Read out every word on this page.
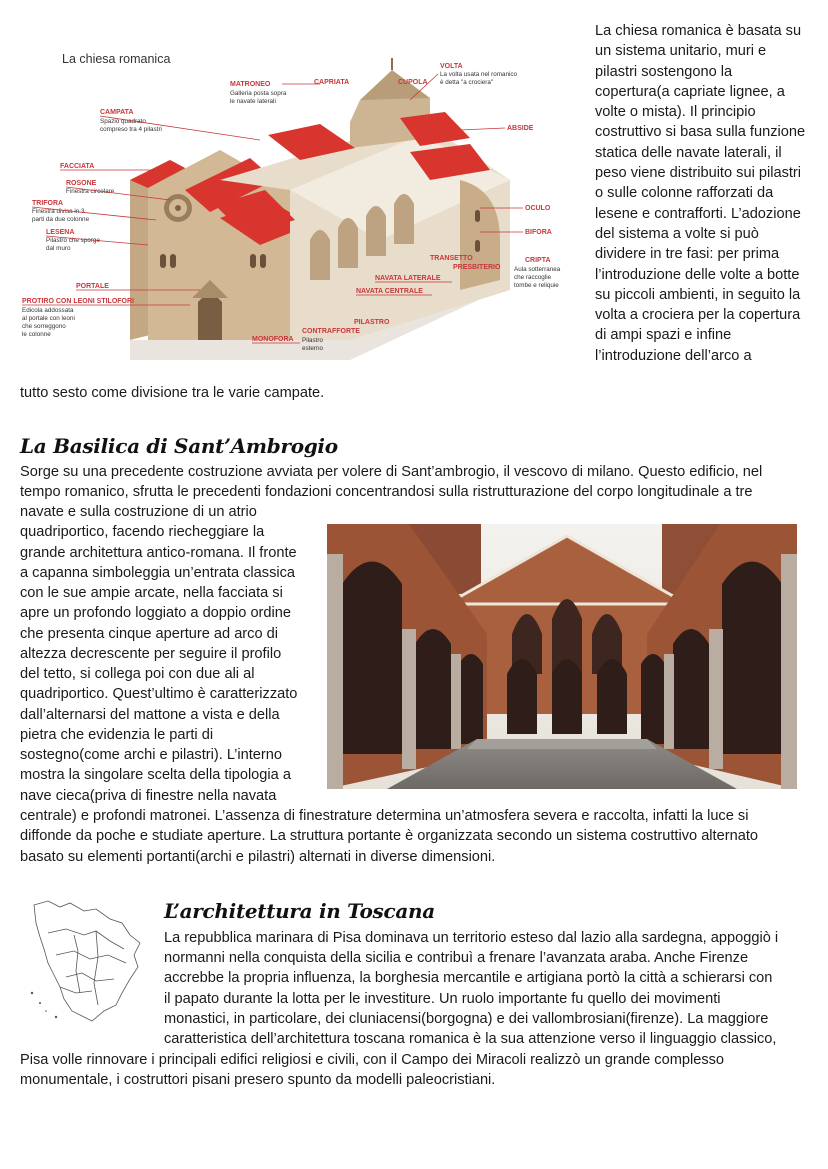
La chiesa romanica
MATRONEO
Galleria posta sopra
le navate laterali
CAPRIATA	CUPOLA
VOLTA
La volta usata nel romanico
è detta "a crociera"
CAMPATA
Spazio quadrato
compreso tra 4 pilastri	ABSIDE
FACCIATA
ROSONE
Finestra circolare
TRIFORA
Finestra divisa in 3
parti da due colonne
LESENA
Pilastro che sporge
dal muro
OCULO
BIFORA
TRANSETTO
PRESBITERIO
CRIPTA
Aula sotterranea
che raccoglie
tombe e reliquie
NAVATA LATERALE
NAVATA CENTRALE
PORTALE
PROTIRO CON LEONI STILOFORI
Edicola addossata
al portale con leoni
che sorreggono
le colonne
PILASTRO
CONTRAFFORTE
Pilastro
esterno
MONOFORA

La chiesa romanica è basata su un sistema unitario, muri e pilastri sostengono la copertura(a capriate lignee, a volte o mista). Il principio costruttivo si basa sulla funzione statica delle navate laterali, il peso viene distribuito sui pilastri o sulle colonne rafforzati da lesene e contrafforti. L’adozione del sistema a volte si può dividere in tre fasi: per prima l’introduzione delle volte a botte su piccoli ambienti, in seguito la volta a crociera per la copertura di ampi spazi e infine l’introduzione dell’arco a

tutto sesto come divisione tra le varie campate.

La Basilica di Sant’Ambrogio

Sorge su una precedente costruzione avviata per volere di Sant’ambrogio, il vescovo di milano. Questo edificio, nel

tempo romanico, sfrutta le precedenti fondazioni concentrandosi sulla ristrutturazione del corpo longitudinale a tre

navate e sulla costruzione di un atrio

quadriportico, facendo riecheggiare la

grande architettura antico-romana. Il fronte

a capanna simboleggia un’entrata classica

con le sue ampie arcate, nella facciata si

apre un profondo loggiato a doppio ordine

che presenta cinque aperture ad arco di

altezza decrescente per seguire il profilo

del tetto, si collega poi con due ali al

quadriportico. Quest’ultimo è caratterizzato

dall’alternarsi del mattone a vista e della

pietra che evidenzia le parti di

sostegno(come archi e pilastri). L’interno

mostra la singolare scelta della tipologia a

nave cieca(priva di finestre nella navata

centrale) e profondi matronei. L’assenza di finestrature determina un’atmosfera severa e raccolta, infatti la luce si

diffonde da poche e studiate aperture. La struttura portante è organizzata secondo un sistema costruttivo alternato

basato su elementi portanti(archi e pilastri) alternati in diverse dimensioni.

L’architettura in Toscana

La repubblica marinara di Pisa dominava un territorio esteso dal lazio alla sardegna, appoggiò i

normanni nella conquista della sicilia e contribuì a frenare l’avanzata araba. Anche Firenze

accrebbe la propria influenza, la borghesia mercantile e artigiana portò la città a schierarsi con

il papato durante la lotta per le investiture. Un ruolo importante fu quello dei movimenti

monastici, in particolare, dei cluniacensi(borgogna) e dei vallombrosiani(firenze). La maggiore

caratteristica dell’architettura toscana romanica è la sua attenzione verso il linguaggio classico,

Pisa volle rinnovare i principali edifici religiosi e civili, con il Campo dei Miracoli realizzò un grande complesso

monumentale, i costruttori pisani presero spunto da modelli paleocristiani.
